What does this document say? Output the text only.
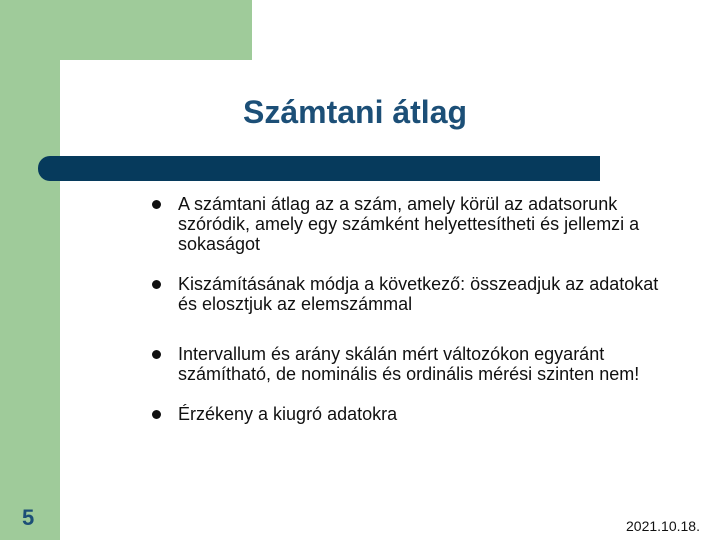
Számtani átlag
A számtani átlag az a szám, amely körül az adatsorunk szóródik, amely egy számként helyettesítheti és jellemzi a sokaságot
Kiszámításának módja a következő: összeadjuk az adatokat és elosztjuk az elemszámmal
Intervallum és arány skálán mért változókon egyaránt számítható, de nominális és ordinális mérési szinten nem!
Érzékeny a kiugró adatokra
5	2021.10.18.
